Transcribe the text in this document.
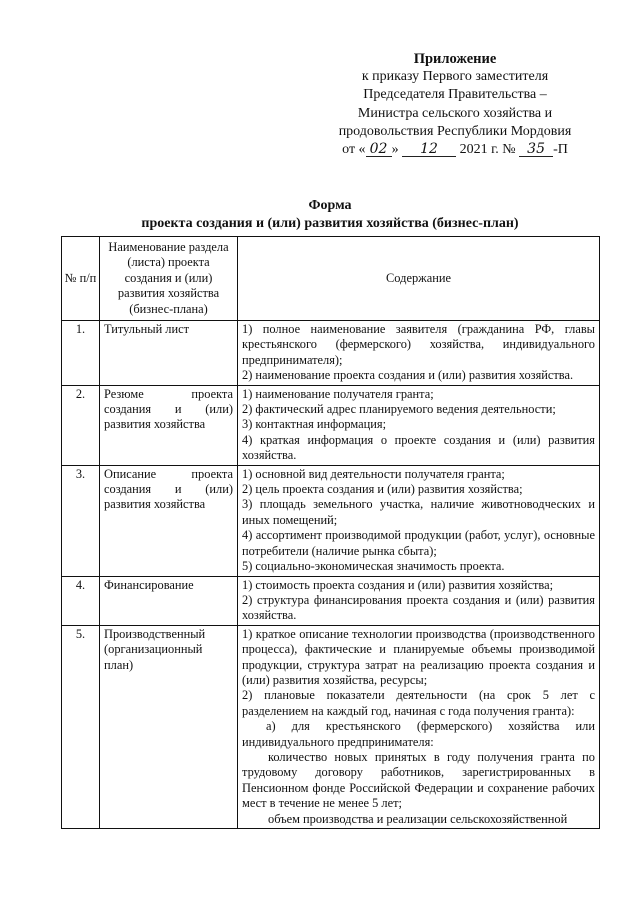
Приложение
к приказу Первого заместителя
Председателя Правительства –
Министра сельского хозяйства и
продовольствия Республики Мордовия
от « 02 » 12 2021 г. № 35 -П
Форма
проекта создания и (или) развития хозяйства (бизнес-план)
№ п/п	Наименование раздела (листа) проекта создания и (или) развития хозяйства (бизнес-плана)	Содержание
1.	Титульный лист	1) полное наименование заявителя (гражданина РФ, главы крестьянского (фермерского) хозяйства, индивидуального предпринимателя);
2) наименование проекта создания и (или) развития хозяйства.

2.	Резюме проекта создания и (или) развития хозяйства	1) наименование получателя гранта;
2) фактический адрес планируемого ведения деятельности;
3) контактная информация;
4) краткая информация о проекте создания и (или) развития хозяйства.

3.	Описание проекта создания и (или) развития хозяйства	1) основной вид деятельности получателя гранта;
2) цель проекта создания и (или) развития хозяйства;
3) площадь земельного участка, наличие животноводческих и иных помещений;
4) ассортимент производимой продукции (работ, услуг), основные потребители (наличие рынка сбыта);
5) социально-экономическая значимость проекта.

4.	Финансирование	1) стоимость проекта создания и (или) развития хозяйства;
2) структура финансирования проекта создания и (или) развития хозяйства.

5.	Производственный (организационный план)	1) краткое описание технологии производства (производственного процесса), фактические и планируемые объемы производимой продукции, структура затрат на реализацию проекта создания и (или) развития хозяйства, ресурсы;
2) плановые показатели деятельности (на срок 5 лет с разделением на каждый год, начиная с года получения гранта):
а) для крестьянского (фермерского) хозяйства или индивидуального предпринимателя:
количество новых принятых в году получения гранта по трудовому договору работников, зарегистрированных в Пенсионном фонде Российской Федерации и сохранение рабочих мест в течение не менее 5 лет;
объем производства и реализации сельскохозяйственной
